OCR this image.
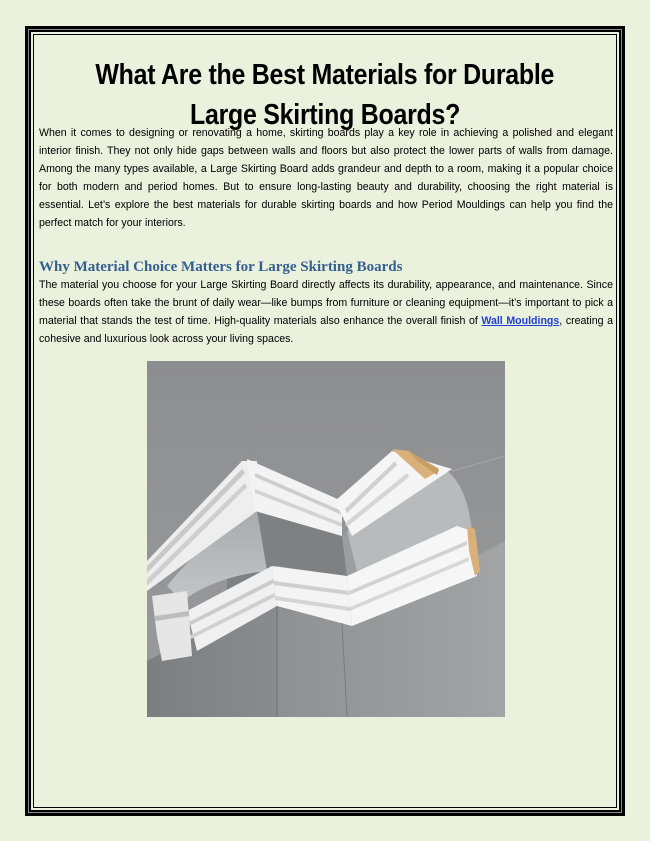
What Are the Best Materials for Durable
Large Skirting Boards?

When it comes to designing or renovating a home, skirting boards play a key role in achieving a polished and elegant interior finish. They not only hide gaps between walls and floors but also protect the lower parts of walls from damage. Among the many types available, a Large Skirting Board adds grandeur and depth to a room, making it a popular choice for both modern and period homes. But to ensure long-lasting beauty and durability, choosing the right material is essential. Let’s explore the best materials for durable skirting boards and how Period Mouldings can help you find the perfect match for your interiors.

Why Material Choice Matters for Large Skirting Boards

The material you choose for your Large Skirting Board directly affects its durability, appearance, and maintenance. Since these boards often take the brunt of daily wear—like bumps from furniture or cleaning equipment—it’s important to pick a material that stands the test of time. High-quality materials also enhance the overall finish of Wall Mouldings, creating a cohesive and luxurious look across your living spaces.
